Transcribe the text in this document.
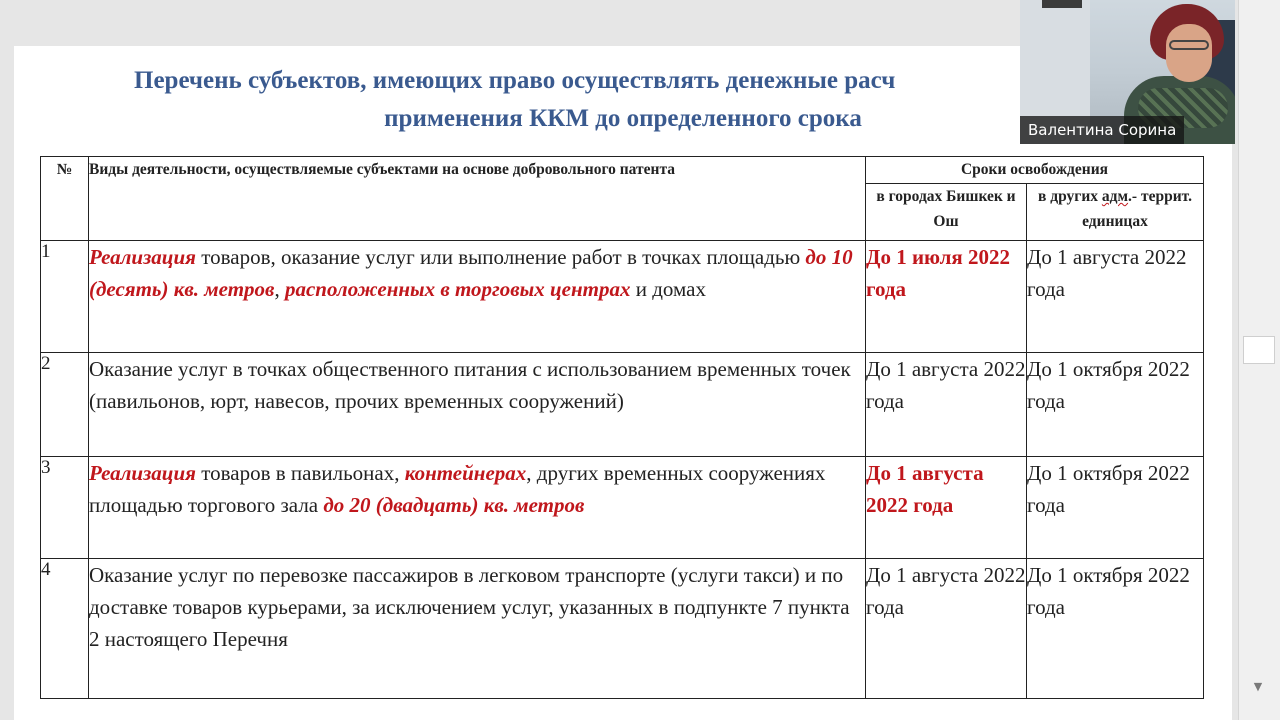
Перечень субъектов, имеющих право осуществлять денежные расч
применения ККМ до определенного срока
№	Виды деятельности, осуществляемые субъектами на основе добровольного патента	Сроки освобождения	
		в городах Бишкек и Ош	в других адм.- террит. единицах
1	Реализация товаров, оказание услуг или выполнение работ в точках площадью до 10 (десять) кв. метров, расположенных в торговых центрах и домах	До 1 июля 2022 года	До 1 августа 2022 года
2	Оказание услуг в точках общественного питания с использованием временных точек (павильонов, юрт, навесов, прочих временных сооружений)	До 1 августа 2022 года	До 1 октября 2022 года
3	Реализация товаров в павильонах, контейнерах, других временных сооружениях площадью торгового зала до 20 (двадцать) кв. метров	До 1 августа 2022 года	До 1 октября 2022 года
4	Оказание услуг по перевозке пассажиров в легковом транспорте (услуги такси) и по доставке товаров курьерами, за исключением услуг, указанных в подпункте 7 пункта 2 настоящего Перечня	До 1 августа 2022 года	До 1 октября 2022 года
▼
Валентина Сорина
